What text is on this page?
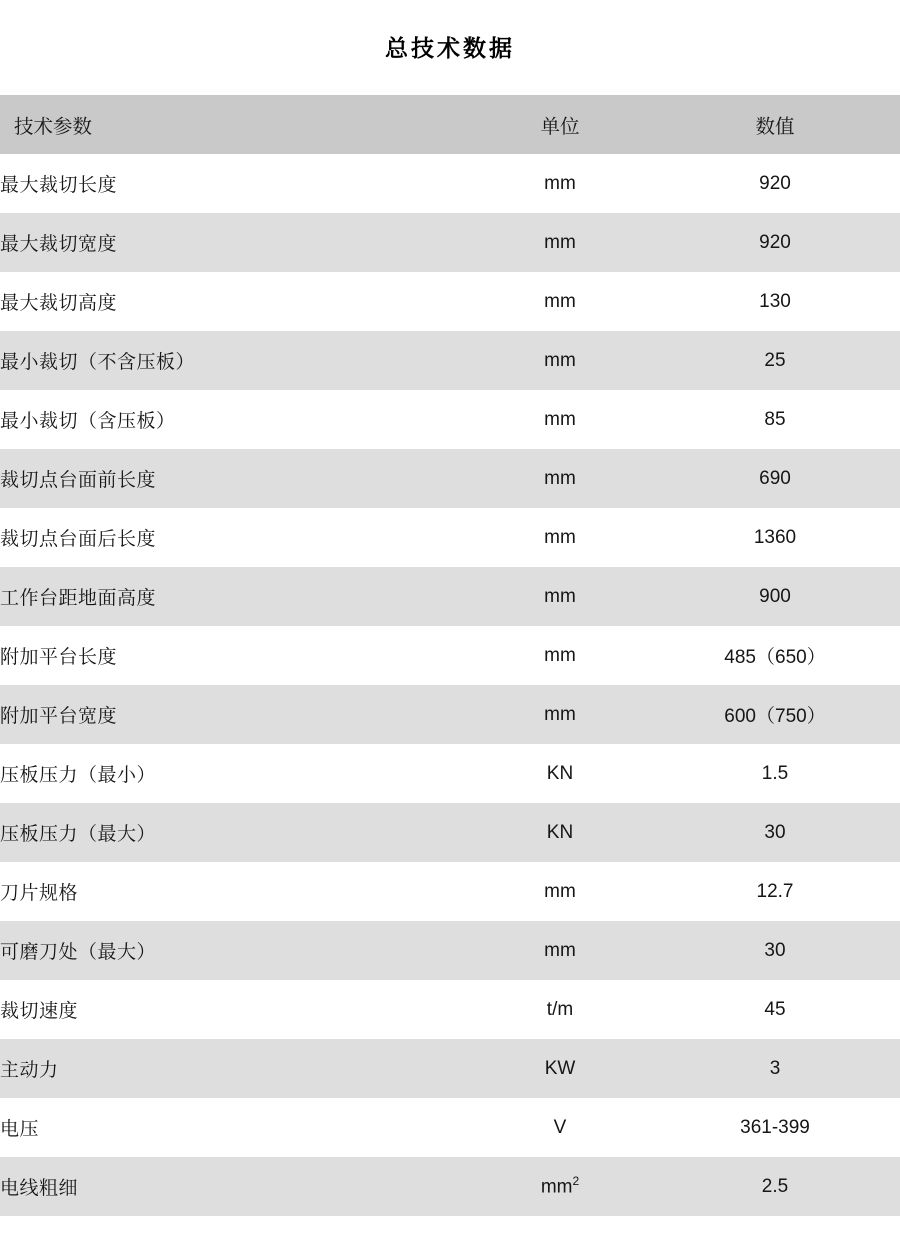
总技术数据
技术参数	单位	数值
最大裁切长度	mm	920
最大裁切宽度	mm	920
最大裁切高度	mm	130
最小裁切（不含压板）	mm	25
最小裁切（含压板）	mm	85
裁切点台面前长度	mm	690
裁切点台面后长度	mm	1360
工作台距地面高度	mm	900
附加平台长度	mm	485（650）
附加平台宽度	mm	600（750）
压板压力（最小）	KN	1.5
压板压力（最大）	KN	30
刀片规格	mm	12.7
可磨刀处（最大）	mm	30
裁切速度	t/m	45
主动力	KW	3
电压	V	361-399
电线粗细	$mm^2$	2.5
